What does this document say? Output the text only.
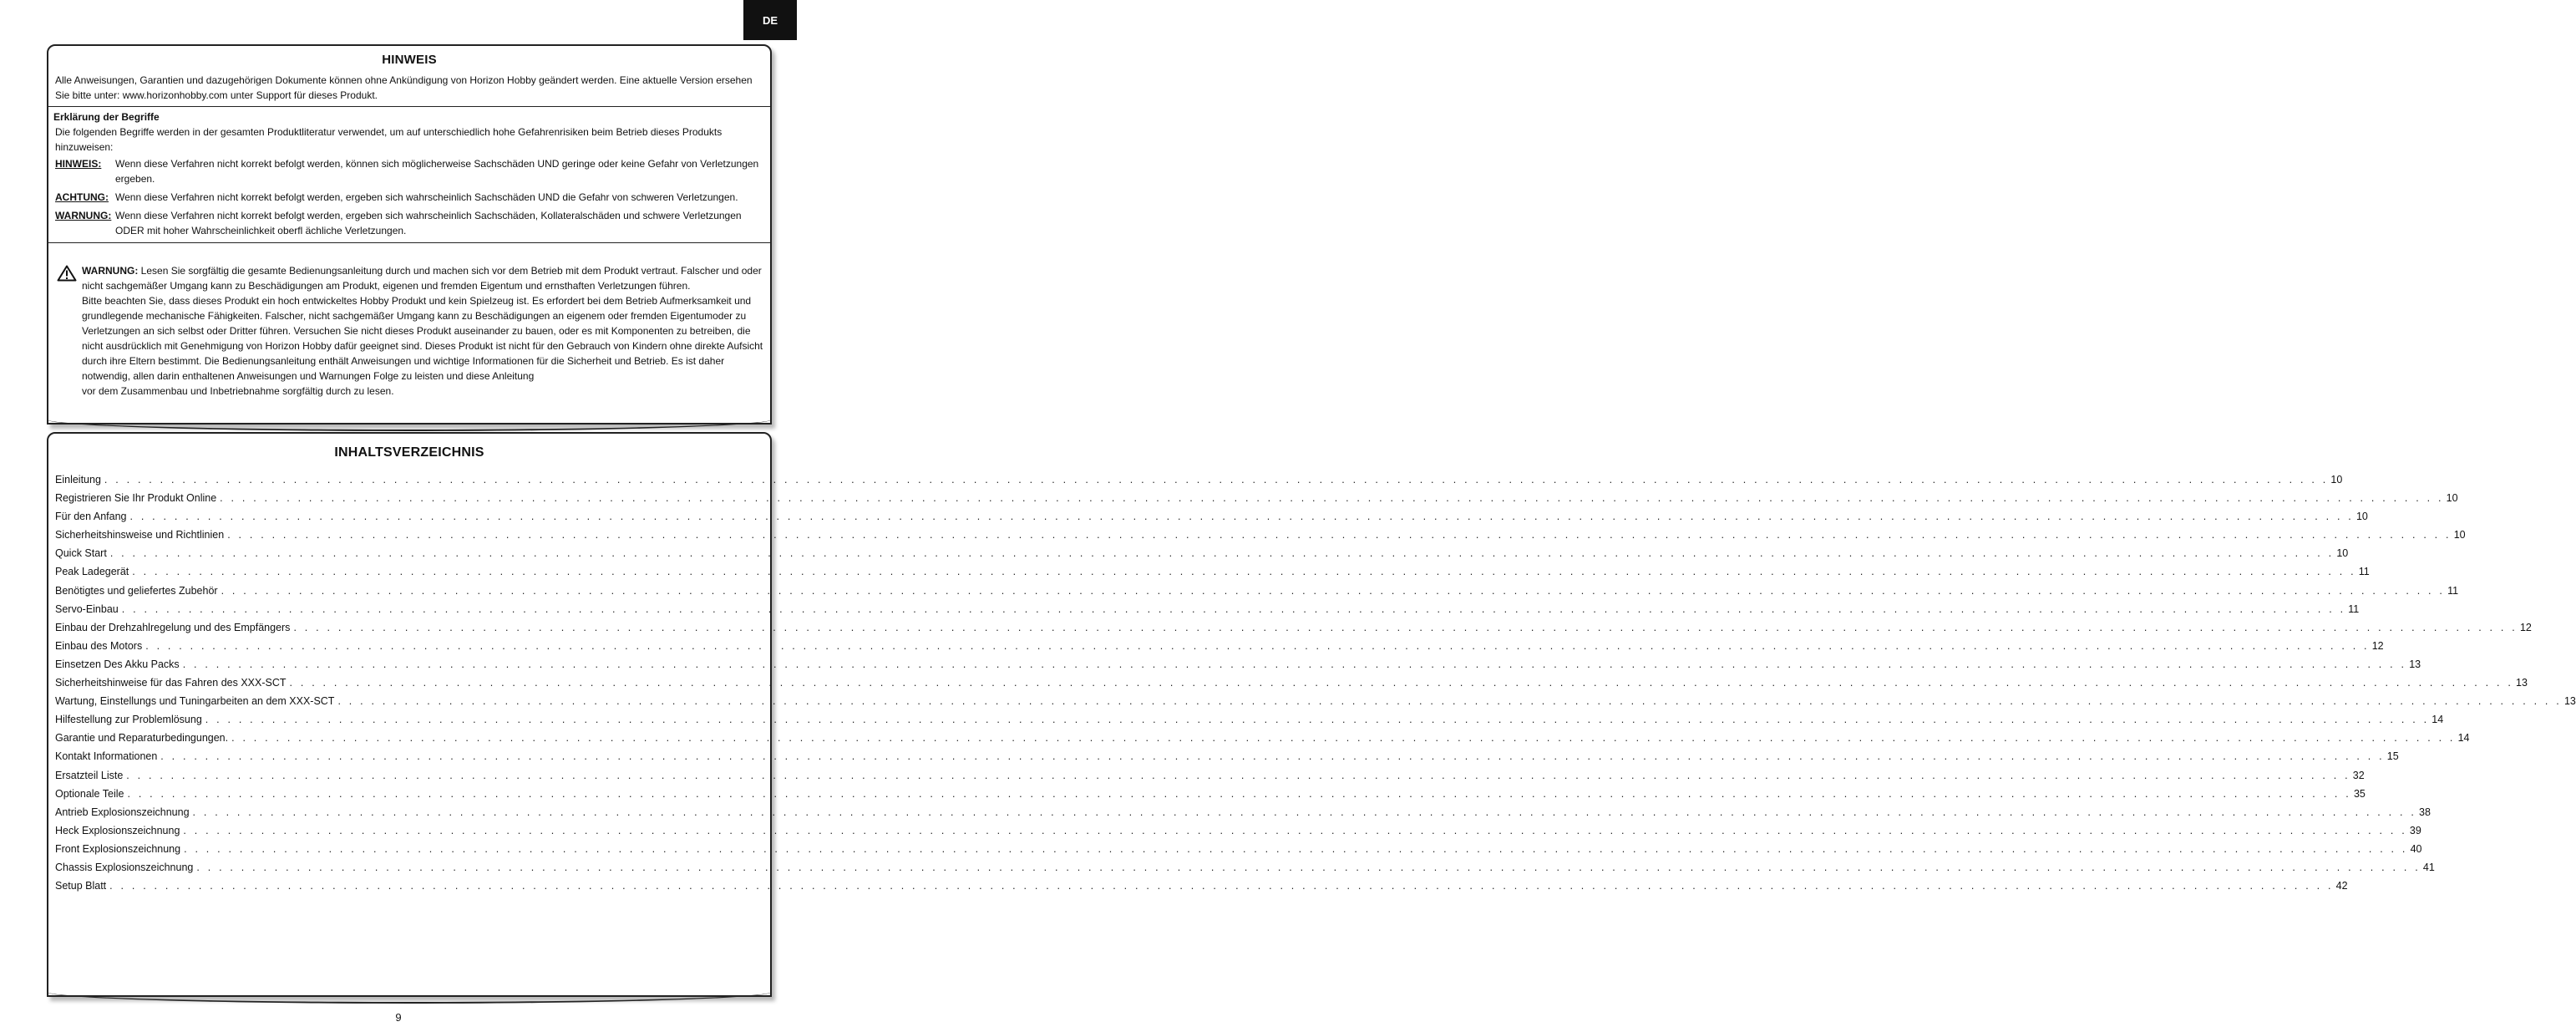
DE
HINWEIS
Alle Anweisungen, Garantien und dazugehörigen Dokumente können ohne Ankündigung von Horizon Hobby geändert werden. Eine aktuelle Version ersehen Sie bitte unter: www.horizonhobby.com unter Support für dieses Produkt.
Erklärung der Begriffe
Die folgenden Begriffe werden in der gesamten Produktliteratur verwendet, um auf unterschiedlich hohe Gefahrenrisiken beim Betrieb dieses Produkts hinzuweisen:
HINWEIS:	Wenn diese Verfahren nicht korrekt befolgt werden, können sich möglicherweise Sachschäden UND geringe oder keine Gefahr von Verletzungen ergeben.
ACHTUNG: Wenn diese Verfahren nicht korrekt befolgt werden, ergeben sich wahrscheinlich Sachschäden UND die Gefahr von schweren Verletzungen.
WARNUNG: Wenn diese Verfahren nicht korrekt befolgt werden, ergeben sich wahrscheinlich Sachschäden, Kollateralschäden und schwere Verletzungen ODER mit hoher Wahrscheinlichkeit oberfl ächliche Verletzungen.
WARNUNG: Lesen Sie sorgfältig die gesamte Bedienungsanleitung durch und machen sich vor dem Betrieb mit dem Produkt vertraut. Falscher und oder nicht sachgemäßer Umgang kann zu Beschädigungen am Produkt, eigenen und fremden Eigentum und ernsthaften Verletzungen führen.
Bitte beachten Sie, dass dieses Produkt ein hoch entwickeltes Hobby Produkt und kein Spielzeug ist. Es erfordert bei dem Betrieb Aufmerksamkeit und grundlegende mechanische Fähigkeiten. Falscher, nicht sachgemäßer Umgang kann zu Beschädigungen an eigenem oder fremden Eigentumoder zu Verletzungen an sich selbst oder Dritter führen. Versuchen Sie nicht dieses Produkt auseinander zu bauen, oder es mit Komponenten zu betreiben, die nicht ausdrücklich mit Genehmigung von Horizon Hobby dafür geeignet sind. Dieses Produkt ist nicht für den Gebrauch von Kindern ohne direkte Aufsicht durch ihre Eltern bestimmt. Die Bedienungsanleitung enthält Anweisungen und wichtige Informationen für die Sicherheit und Betrieb. Es ist daher notwendig, allen darin enthaltenen Anweisungen und Warnungen Folge zu leisten und diese Anleitung
vor dem Zusammenbau und Inbetriebnahme sorgfältig durch zu lesen.
INHALTSVERZEICHNIS
Einleitung . . . . . . . . . . . . . . . . . . . . . . . . . . . . . . . . . . . . . . . . . . . . . . . . . . . . . . . . . . . . . . . . . . . . . . . . . . . . . . . . . . . . . . . . . . . . . . . . . . . . . . . . . . . . . . . . . . . . . . . . . . . . . . . . . . . . . . . . . . . . . . . . . . . . . . . . . . . . . . . . . . . . . . . . . . . . . . . . . . . . . . . . . . . . . . . . . . . . . . . . 10
Registrieren Sie Ihr Produkt Online . . . . . . . . . . . . . . . . . . . . . . . . . . . . . . . . . . . . . . . . . . . . . . . . . . . . . . . . . . . . . . . . . . . . . . . . . . . . . . . . . . . . . . . . . . . . . . . . . . . . . . . . . . . . . . . . . . . . . . . . . . . . . . . . . . . . . . . . . . . . . . . . . . . . . . . . . . . . . . . . . . . . . . . . . . . . . . . . . . . . . . . . . . . . . . . . . . . . . . . . 10
Für den Anfang . . . . . . . . . . . . . . . . . . . . . . . . . . . . . . . . . . . . . . . . . . . . . . . . . . . . . . . . . . . . . . . . . . . . . . . . . . . . . . . . . . . . . . . . . . . . . . . . . . . . . . . . . . . . . . . . . . . . . . . . . . . . . . . . . . . . . . . . . . . . . . . . . . . . . . . . . . . . . . . . . . . . . . . . . . . . . . . . . . . . . . . . . . . . . . . . . . . . . . . . 10
Sicherheitshinsweise und Richtlinien . . . . . . . . . . . . . . . . . . . . . . . . . . . . . . . . . . . . . . . . . . . . . . . . . . . . . . . . . . . . . . . . . . . . . . . . . . . . . . . . . . . . . . . . . . . . . . . . . . . . . . . . . . . . . . . . . . . . . . . . . . . . . . . . . . . . . . . . . . . . . . . . . . . . . . . . . . . . . . . . . . . . . . . . . . . . . . . . . . . . . . . . . . . . . . . . . . . . . . . . 10
Quick Start . . . . . . . . . . . . . . . . . . . . . . . . . . . . . . . . . . . . . . . . . . . . . . . . . . . . . . . . . . . . . . . . . . . . . . . . . . . . . . . . . . . . . . . . . . . . . . . . . . . . . . . . . . . . . . . . . . . . . . . . . . . . . . . . . . . . . . . . . . . . . . . . . . . . . . . . . . . . . . . . . . . . . . . . . . . . . . . . . . . . . . . . . . . . . . . . . . . . . . . . 10
Peak Ladegerät . . . . . . . . . . . . . . . . . . . . . . . . . . . . . . . . . . . . . . . . . . . . . . . . . . . . . . . . . . . . . . . . . . . . . . . . . . . . . . . . . . . . . . . . . . . . . . . . . . . . . . . . . . . . . . . . . . . . . . . . . . . . . . . . . . . . . . . . . . . . . . . . . . . . . . . . . . . . . . . . . . . . . . . . . . . . . . . . . . . . . . . . . . . . . . . . . . . . . . . . 11
Benötigtes und geliefertes Zubehör . . . . . . . . . . . . . . . . . . . . . . . . . . . . . . . . . . . . . . . . . . . . . . . . . . . . . . . . . . . . . . . . . . . . . . . . . . . . . . . . . . . . . . . . . . . . . . . . . . . . . . . . . . . . . . . . . . . . . . . . . . . . . . . . . . . . . . . . . . . . . . . . . . . . . . . . . . . . . . . . . . . . . . . . . . . . . . . . . . . . . . . . . . . . . . . . . . . . . . . . 11
Servo-Einbau . . . . . . . . . . . . . . . . . . . . . . . . . . . . . . . . . . . . . . . . . . . . . . . . . . . . . . . . . . . . . . . . . . . . . . . . . . . . . . . . . . . . . . . . . . . . . . . . . . . . . . . . . . . . . . . . . . . . . . . . . . . . . . . . . . . . . . . . . . . . . . . . . . . . . . . . . . . . . . . . . . . . . . . . . . . . . . . . . . . . . . . . . . . . . . . . . . . . . . . . 11
Einbau der Drehzahlregelung und des Empfängers . . . . . . . . . . . . . . . . . . . . . . . . . . . . . . . . . . . . . . . . . . . . . . . . . . . . . . . . . . . . . . . . . . . . . . . . . . . . . . . . . . . . . . . . . . . . . . . . . . . . . . . . . . . . . . . . . . . . . . . . . . . . . . . . . . . . . . . . . . . . . . . . . . . . . . . . . . . . . . . . . . . . . . . . . . . . . . . . . . . . . . . . . . . . . . . . . . . . . . . . 12
Einbau des Motors . . . . . . . . . . . . . . . . . . . . . . . . . . . . . . . . . . . . . . . . . . . . . . . . . . . . . . . . . . . . . . . . . . . . . . . . . . . . . . . . . . . . . . . . . . . . . . . . . . . . . . . . . . . . . . . . . . . . . . . . . . . . . . . . . . . . . . . . . . . . . . . . . . . . . . . . . . . . . . . . . . . . . . . . . . . . . . . . . . . . . . . . . . . . . . . . . . . . . . . . 12
Einsetzen Des Akku Packs . . . . . . . . . . . . . . . . . . . . . . . . . . . . . . . . . . . . . . . . . . . . . . . . . . . . . . . . . . . . . . . . . . . . . . . . . . . . . . . . . . . . . . . . . . . . . . . . . . . . . . . . . . . . . . . . . . . . . . . . . . . . . . . . . . . . . . . . . . . . . . . . . . . . . . . . . . . . . . . . . . . . . . . . . . . . . . . . . . . . . . . . . . . . . . . . . . . . . . . . 13
Sicherheitshinweise für das Fahren des XXX-SCT . . . . . . . . . . . . . . . . . . . . . . . . . . . . . . . . . . . . . . . . . . . . . . . . . . . . . . . . . . . . . . . . . . . . . . . . . . . . . . . . . . . . . . . . . . . . . . . . . . . . . . . . . . . . . . . . . . . . . . . . . . . . . . . . . . . . . . . . . . . . . . . . . . . . . . . . . . . . . . . . . . . . . . . . . . . . . . . . . . . . . . . . . . . . . . . . . . . . . . . . 13
Wartung, Einstellungs und Tuningarbeiten an dem XXX-SCT . . . . . . . . . . . . . . . . . . . . . . . . . . . . . . . . . . . . . . . . . . . . . . . . . . . . . . . . . . . . . . . . . . . . . . . . . . . . . . . . . . . . . . . . . . . . . . . . . . . . . . . . . . . . . . . . . . . . . . . . . . . . . . . . . . . . . . . . . . . . . . . . . . . . . . . . . . . . . . . . . . . . . . . . . . . . . . . . . . . . . . . . . . . . . . . . . . . . . . . . 13
Hilfestellung zur Problemlösung . . . . . . . . . . . . . . . . . . . . . . . . . . . . . . . . . . . . . . . . . . . . . . . . . . . . . . . . . . . . . . . . . . . . . . . . . . . . . . . . . . . . . . . . . . . . . . . . . . . . . . . . . . . . . . . . . . . . . . . . . . . . . . . . . . . . . . . . . . . . . . . . . . . . . . . . . . . . . . . . . . . . . . . . . . . . . . . . . . . . . . . . . . . . . . . . . . . . . . . . 14
Garantie und Reparaturbedingungen. . . . . . . . . . . . . . . . . . . . . . . . . . . . . . . . . . . . . . . . . . . . . . . . . . . . . . . . . . . . . . . . . . . . . . . . . . . . . . . . . . . . . . . . . . . . . . . . . . . . . . . . . . . . . . . . . . . . . . . . . . . . . . . . . . . . . . . . . . . . . . . . . . . . . . . . . . . . . . . . . . . . . . . . . . . . . . . . . . . . . . . . . . . . . . . . . . . . . . . . . 14
Kontakt Informationen . . . . . . . . . . . . . . . . . . . . . . . . . . . . . . . . . . . . . . . . . . . . . . . . . . . . . . . . . . . . . . . . . . . . . . . . . . . . . . . . . . . . . . . . . . . . . . . . . . . . . . . . . . . . . . . . . . . . . . . . . . . . . . . . . . . . . . . . . . . . . . . . . . . . . . . . . . . . . . . . . . . . . . . . . . . . . . . . . . . . . . . . . . . . . . . . . . . . . . . . 15
Ersatzteil Liste . . . . . . . . . . . . . . . . . . . . . . . . . . . . . . . . . . . . . . . . . . . . . . . . . . . . . . . . . . . . . . . . . . . . . . . . . . . . . . . . . . . . . . . . . . . . . . . . . . . . . . . . . . . . . . . . . . . . . . . . . . . . . . . . . . . . . . . . . . . . . . . . . . . . . . . . . . . . . . . . . . . . . . . . . . . . . . . . . . . . . . . . . . . . . . . . . . . . . . . . 32
Optionale Teile . . . . . . . . . . . . . . . . . . . . . . . . . . . . . . . . . . . . . . . . . . . . . . . . . . . . . . . . . . . . . . . . . . . . . . . . . . . . . . . . . . . . . . . . . . . . . . . . . . . . . . . . . . . . . . . . . . . . . . . . . . . . . . . . . . . . . . . . . . . . . . . . . . . . . . . . . . . . . . . . . . . . . . . . . . . . . . . . . . . . . . . . . . . . . . . . . . . . . . . . 35
Antrieb Explosionszeichnung . . . . . . . . . . . . . . . . . . . . . . . . . . . . . . . . . . . . . . . . . . . . . . . . . . . . . . . . . . . . . . . . . . . . . . . . . . . . . . . . . . . . . . . . . . . . . . . . . . . . . . . . . . . . . . . . . . . . . . . . . . . . . . . . . . . . . . . . . . . . . . . . . . . . . . . . . . . . . . . . . . . . . . . . . . . . . . . . . . . . . . . . . . . . . . . . . . . . . . . . 38
Heck Explosionszeichnung . . . . . . . . . . . . . . . . . . . . . . . . . . . . . . . . . . . . . . . . . . . . . . . . . . . . . . . . . . . . . . . . . . . . . . . . . . . . . . . . . . . . . . . . . . . . . . . . . . . . . . . . . . . . . . . . . . . . . . . . . . . . . . . . . . . . . . . . . . . . . . . . . . . . . . . . . . . . . . . . . . . . . . . . . . . . . . . . . . . . . . . . . . . . . . . . . . . . . . . . 39
Front Explosionszeichnung . . . . . . . . . . . . . . . . . . . . . . . . . . . . . . . . . . . . . . . . . . . . . . . . . . . . . . . . . . . . . . . . . . . . . . . . . . . . . . . . . . . . . . . . . . . . . . . . . . . . . . . . . . . . . . . . . . . . . . . . . . . . . . . . . . . . . . . . . . . . . . . . . . . . . . . . . . . . . . . . . . . . . . . . . . . . . . . . . . . . . . . . . . . . . . . . . . . . . . . . 40
Chassis Explosionszeichnung . . . . . . . . . . . . . . . . . . . . . . . . . . . . . . . . . . . . . . . . . . . . . . . . . . . . . . . . . . . . . . . . . . . . . . . . . . . . . . . . . . . . . . . . . . . . . . . . . . . . . . . . . . . . . . . . . . . . . . . . . . . . . . . . . . . . . . . . . . . . . . . . . . . . . . . . . . . . . . . . . . . . . . . . . . . . . . . . . . . . . . . . . . . . . . . . . . . . . . . . 41
Setup Blatt . . . . . . . . . . . . . . . . . . . . . . . . . . . . . . . . . . . . . . . . . . . . . . . . . . . . . . . . . . . . . . . . . . . . . . . . . . . . . . . . . . . . . . . . . . . . . . . . . . . . . . . . . . . . . . . . . . . . . . . . . . . . . . . . . . . . . . . . . . . . . . . . . . . . . . . . . . . . . . . . . . . . . . . . . . . . . . . . . . . . . . . . . . . . . . . . . . . . . . . . 42
9
